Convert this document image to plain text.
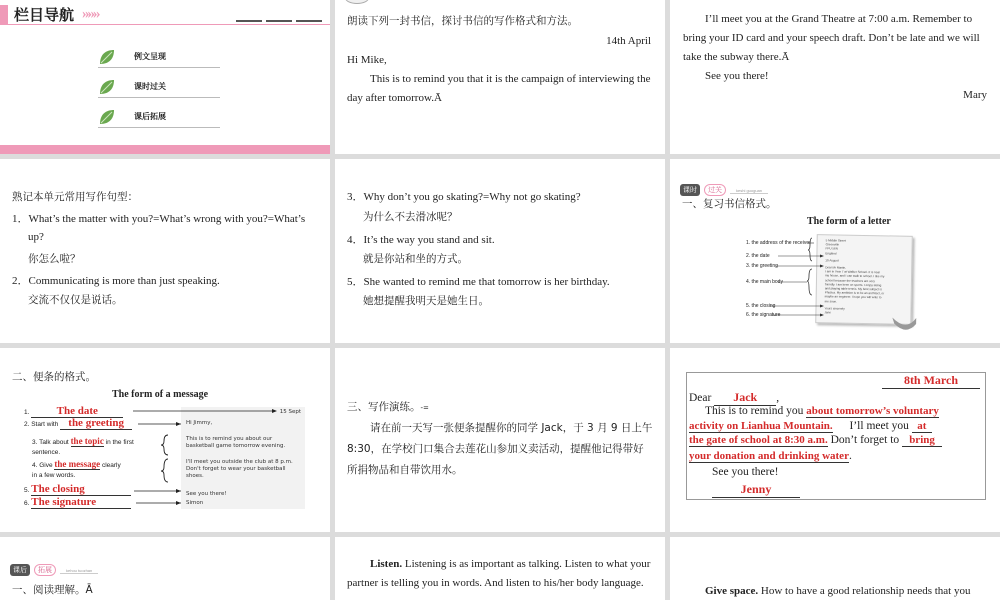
栏目导航 »»»
例文呈现
课时过关
课后拓展
朗读下列一封书信，探讨书信的写作格式和方法。
14th April
Hi Mike,
This is to remind you that it is the campaign of interviewing the
day after tomorrow.Ā
I’ll meet you at the Grand Theatre at 7:00 a.m. Remember to
bring your ID card and your speech draft. Don’t be late and we will
take the subway there.Ā
See you there!
Mary
熟记本单元常用写作句型：
1．What’s the matter with you?=What’s wrong with you?=What’s
up?
你怎么啦？
2．Communicating is more than just speaking.
交流不仅仅是说话。
3．Why don’t you go skating?=Why not go skating?
为什么不去滑冰呢？
4．It’s the way you stand and sit.
就是你站和坐的方式。
5．She wanted to remind me that tomorrow is her birthday.
她想提醒我明天是她生日。
课时 过关	keshi guoguan
一、复习书信格式。
The form of a letter
5 Middle Street
Greenville
FPU 56N
England
10 August
Dear Mr Martin,
I am in Year 7 at Walker School. It is near
my house, and I can walk to school. I like my
school because the teachers are very
friendly. I am keen on sports. I enjoy skiing
and playing table tennis. My best subject is
Physics. My ambition is to be an architect, or
maybe an engineer. I hope you will write to
me soon.
Yours sincerely
Jane
1. the address of the receiver
2. the date
3. the greeting
4. the main body
5. the closing
6. the signature
二、便条的格式。
The form of a message
1. The date
2. Start with the greeting
3. Talk about the topic in the first
sentence.
4. Give the message clearly
in a few words.
5. The closing
6. The signature
15 Sept
Hi Jimmy,
This is to remind you about our
basketball game tomorrow evening.
I'll meet you outside the club at 8 p.m.
Don't forget to wear your basketball
shoes.
See you there!
Simon
三、写作演练。-=
请在前一天写一张便条提醒你的同学 Jack，于 3 月 9 日上午
8:30，在学校门口集合去莲花山参加义卖活动，提醒他记得带好
所捐物品和自带饮用水。
8th March
Dear Jack ,
This is to remind you about tomorrow’s voluntary
activity on Lianhua Mountain. I’ll meet you at
the gate of school at 8:30 a.m. Don’t forget to bring
your donation and drinking water.
See you there!
Jenny
课后 拓展	kehou tuozhan
一、阅读理解。Ā
Listen. Listening is as important as talking. Listen to what your
partner is telling you in words. And listen to his/her body language.
Give space. How to have a good relationship needs that you
